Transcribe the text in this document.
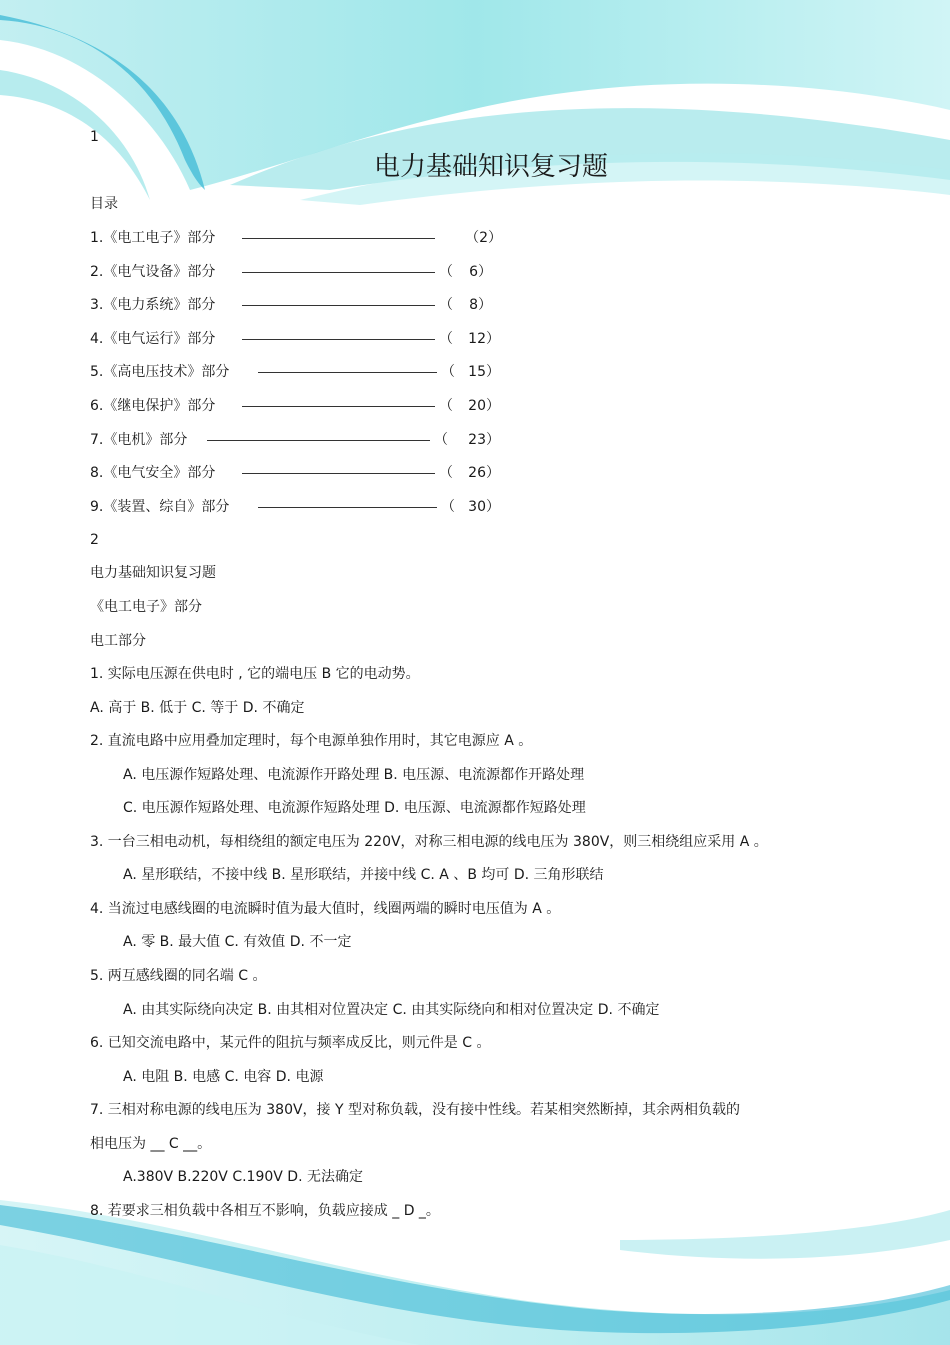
1
电力基础知识复习题
目录
1.《电工电子》部分	（2）
2.《电气设备》部分	（	6）
3.《电力系统》部分	（	8）
4.《电气运行》部分	（	12）
5.《高电压技术》部分	（ 15）
6.《继电保护》部分	（	20）
7.《电机》部分	（	23）
8.《电气安全》部分	（	26）
9.《装置、综自》部分	（ 30）
2
电力基础知识复习题
《电工电子》部分
电工部分
1. 实际电压源在供电时 , 它的端电压 B 它的电动势。
A. 高于 B. 低于 C. 等于 D. 不确定
2. 直流电路中应用叠加定理时，每个电源单独作用时，其它电源应 A 。
A. 电压源作短路处理、电流源作开路处理 B. 电压源、电流源都作开路处理
C. 电压源作短路处理、电流源作短路处理 D. 电压源、电流源都作短路处理
3. 一台三相电动机，每相绕组的额定电压为 220V，对称三相电源的线电压为 380V，则三相绕组应采用 A 。
A. 星形联结，不接中线 B. 星形联结，并接中线 C. A 、B 均可 D. 三角形联结
4. 当流过电感线圈的电流瞬时值为最大值时，线圈两端的瞬时电压值为 A 。
A. 零 B. 最大值 C. 有效值 D. 不一定
5. 两互感线圈的同名端 C 。
A. 由其实际绕向决定 B. 由其相对位置决定 C. 由其实际绕向和相对位置决定 D. 不确定
6. 已知交流电路中，某元件的阻抗与频率成反比，则元件是 C 。
A. 电阻 B. 电感 C. 电容 D. 电源
7. 三相对称电源的线电压为 380V，接 Y 型对称负载，没有接中性线。若某相突然断掉，其余两相负载的
相电压为 __ C __。
A.380V B.220V C.190V D. 无法确定
8. 若要求三相负载中各相互不影响，负载应接成 _ D _。
